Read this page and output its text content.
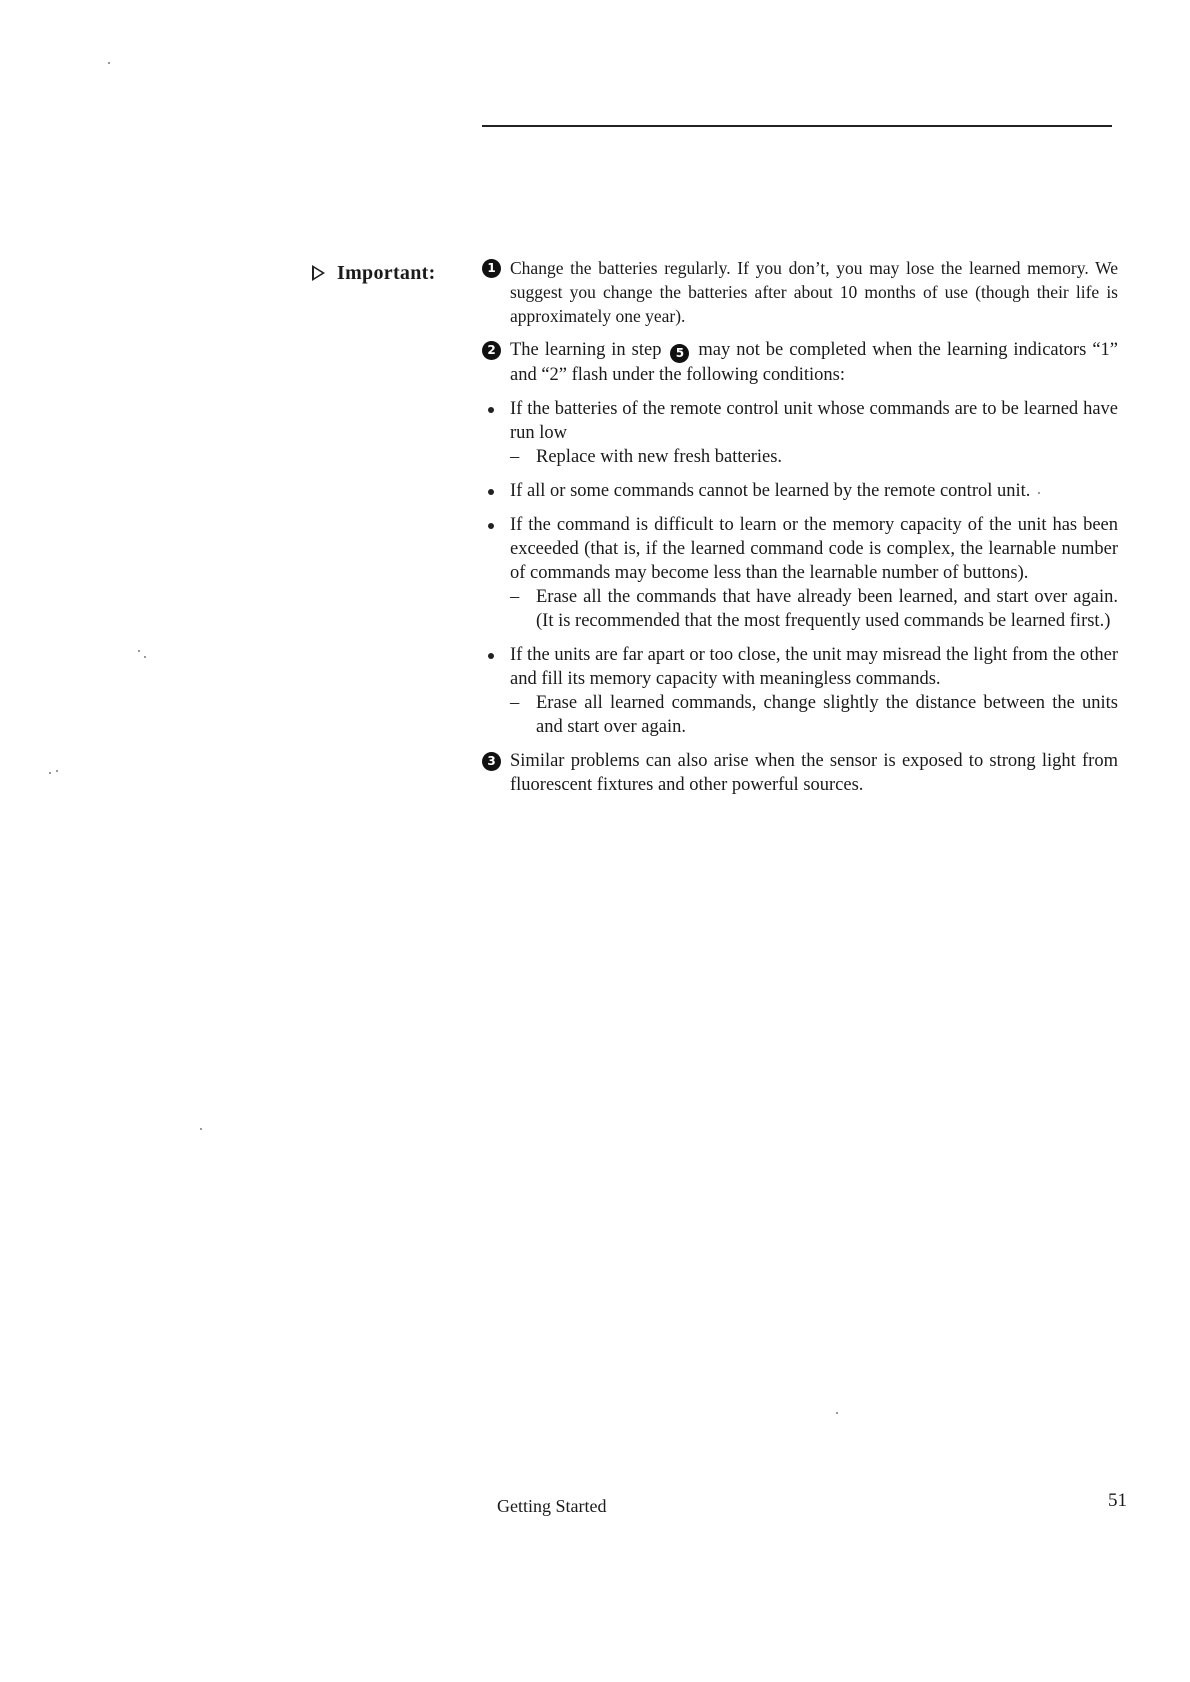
Important:	1 Change the batteries regularly. If you don’t, you may lose the learned memory. We suggest you change the batteries after about 10 months of use (though their life is approximately one year).
2 The learning in step 5 may not be completed when the learning indicators “1” and “2” flash under the following conditions:
If the batteries of the remote control unit whose commands are to be learned have run low
– Replace with new fresh batteries.
If all or some commands cannot be learned by the remote control unit.
If the command is difficult to learn or the memory capacity of the unit has been exceeded (that is, if the learned command code is complex, the learnable number of commands may become less than the learnable number of buttons).
– Erase all the commands that have already been learned, and start over again. (It is recommended that the most frequently used commands be learned first.)
If the units are far apart or too close, the unit may misread the light from the other and fill its memory capacity with meaningless commands.
– Erase all learned commands, change slightly the distance between the units and start over again.
3 Similar problems can also arise when the sensor is exposed to strong light from fluorescent fixtures and other powerful sources.
Getting Started	51
